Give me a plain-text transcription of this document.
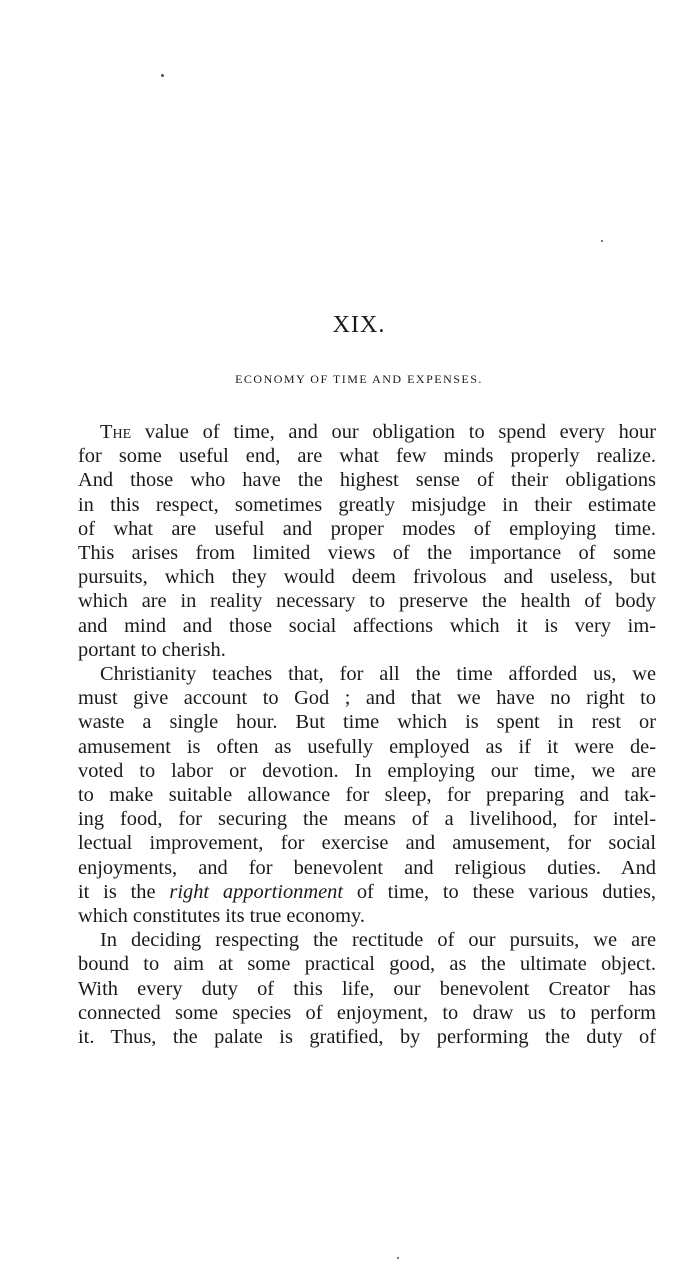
XIX.
ECONOMY OF TIME AND EXPENSES.
The value of time, and our obligation to spend every hour
for some useful end, are what few minds properly realize.
And those who have the highest sense of their obligations
in this respect, sometimes greatly misjudge in their estimate
of what are useful and proper modes of employing time.
This arises from limited views of the importance of some
pursuits, which they would deem frivolous and useless, but
which are in reality necessary to preserve the health of body
and mind and those social affections which it is very im-
portant to cherish.
Christianity teaches that, for all the time afforded us, we
must give account to God ; and that we have no right to
waste a single hour. But time which is spent in rest or
amusement is often as usefully employed as if it were de-
voted to labor or devotion. In employing our time, we are
to make suitable allowance for sleep, for preparing and tak-
ing food, for securing the means of a livelihood, for intel-
lectual improvement, for exercise and amusement, for social
enjoyments, and for benevolent and religious duties. And
it is the right apportionment of time, to these various duties,
which constitutes its true economy.
In deciding respecting the rectitude of our pursuits, we are
bound to aim at some practical good, as the ultimate object.
With every duty of this life, our benevolent Creator has
connected some species of enjoyment, to draw us to perform
it. Thus, the palate is gratified, by performing the duty of
